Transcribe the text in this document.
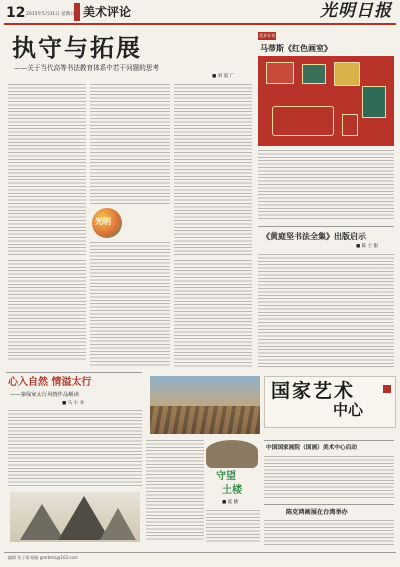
12 2015年5月31日 星期日 美术评论	光明日报
执守与拓展
——关于当代高等书法教育体系中若干问题的思考
■ 刘 道 广
光明
美术专刊
马蒂斯《红色画室》
《黄庭坚书法全集》出版启示
■ 陈 士 银
心入自然 情溢太行
——秦保家太行风情作品解读
■ 马 小 书
守望
土楼
■ 夏 晓
国家艺术
中心
中国国家画院（国画）美术中心启动
陈克鸿画展在台湾举办
编辑 张子琦 邮箱 gmrbms@163.com
